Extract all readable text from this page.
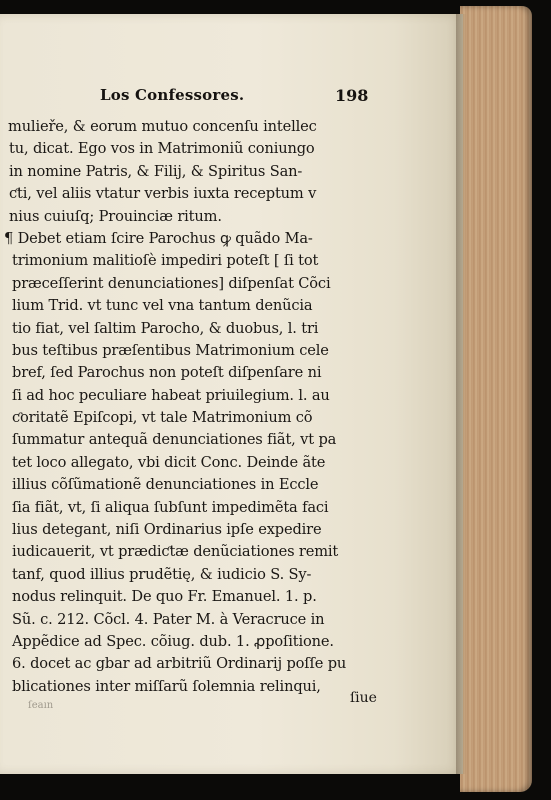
Los Confessores.	198
mulieře, & eorum mutuo concenſu intellec
tu, dicat. Ego vos in Matrimoniũ coniungo
in nomine Patris, & Filij, & Spiritus San-
ƈti, vel aliis vtatur verbis iuxta receptum v
nius cuiuſq; Prouinciæ ritum.
¶ Debet etiam ſcire Parochus ꝙ quãdo Ma-
trimonium malitioſè impediri poteſt [ ſi tot
præceſſerint denunciationes] diſpenſat Cõci
lium Trid. vt tunc vel vna tantum denũcia
tio fiat, vel ſaltim Parocho, & duobus, l. tri
bus teſtibus præſentibus Matrimonium cele
bref, ſed Parochus non poteſt diſpenſare ni
ſi ad hoc peculiare habeat priuilegium. l. au
ƈoritatẽ Epiſcopi, vt tale Matrimonium cõ
ſummatur antequã denunciationes fiãt, vt pa
tet loco allegato, vbi dicit Conc. Deinde ãte
illius cõſũmationẽ denunciationes in Eccle
ſia fiãt, vt, ſi aliqua ſubſunt impedimẽta faci
lius detegant, niſi Ordinarius ipſe expedire
iudicauerit, vt prædiƈtæ denũciationes remit
tanf, quod illius prudẽtię, & iudicio S. Sy-
nodus relinquit. De quo Fr. Emanuel. 1. p.
Sũ. c. 212. Cõcl. 4. Pater M. à Veracruce in
Appẽdice ad Spec. cõiug. dub. 1. ꝓpoſitione.
6. docet ac gbar ad arbitriũ Ordinarij poſſe pu
blicationes inter miſſarũ ſolemnia relinqui,
ſiue
ſeaın
